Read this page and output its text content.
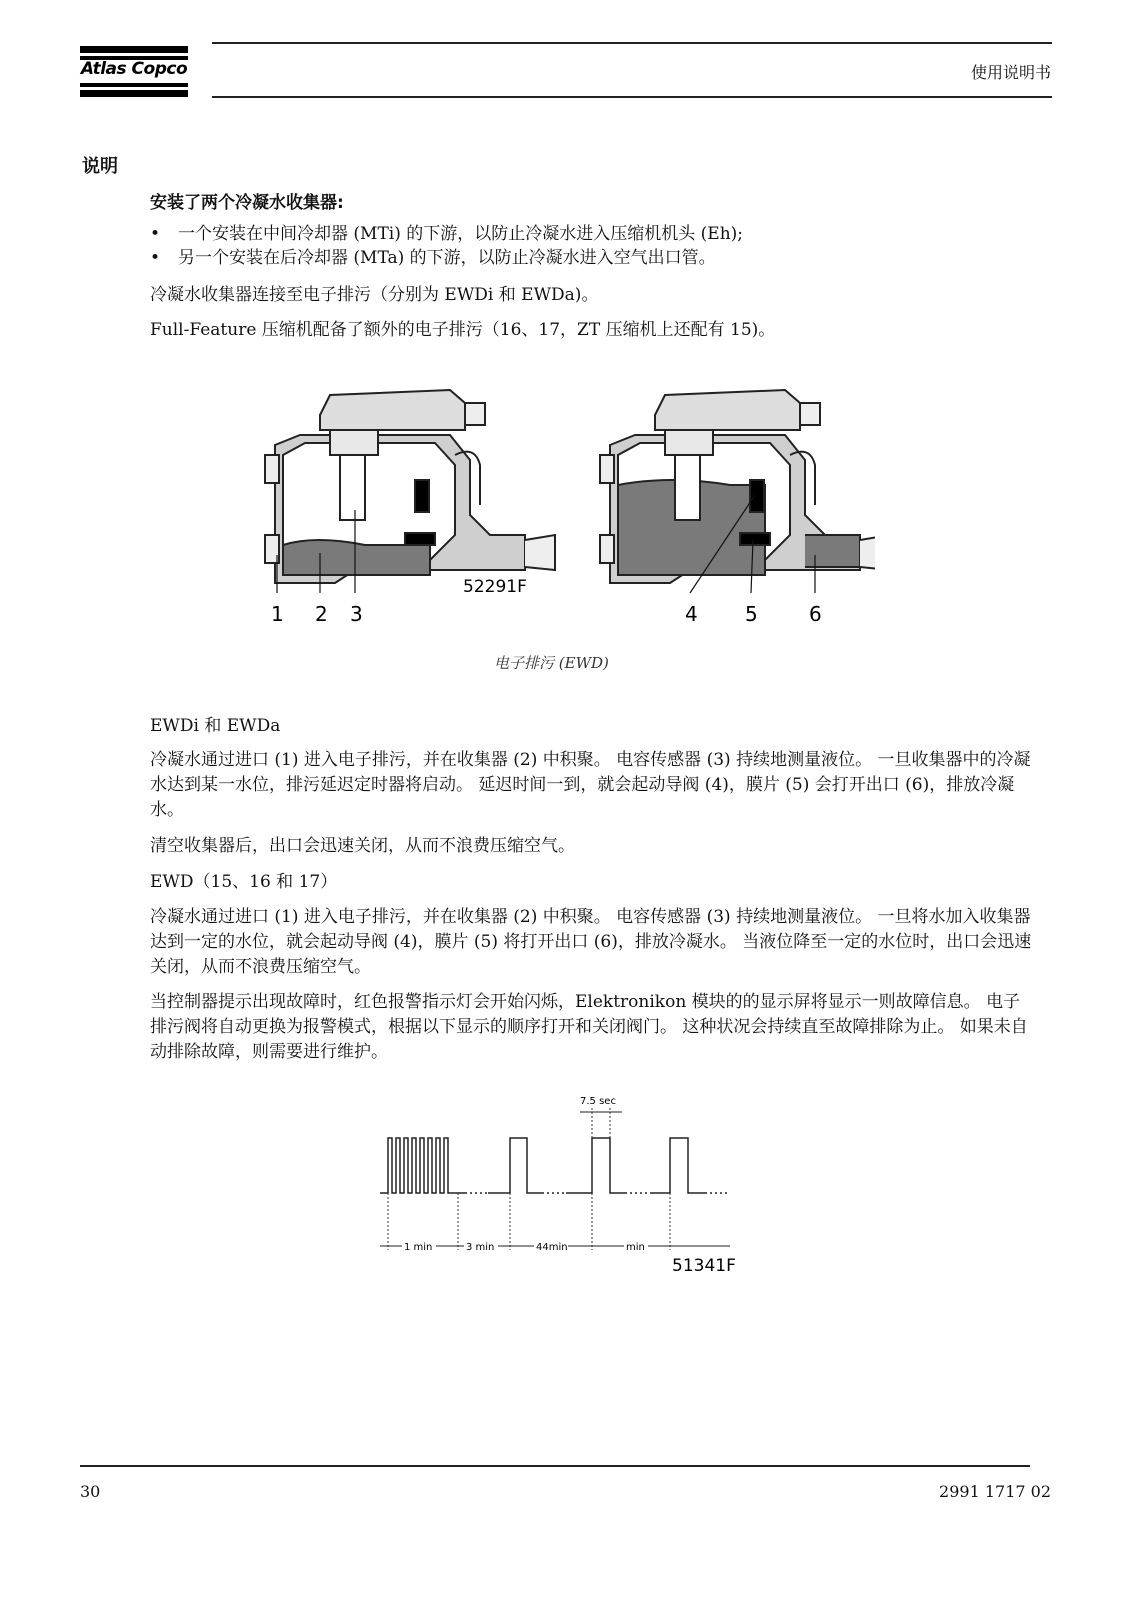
Atlas Copco	使用说明书
说明
安装了两个冷凝水收集器:
• 一个安装在中间冷却器 (MTi) 的下游，以防止冷凝水进入压缩机机头 (Eh);
• 另一个安装在后冷却器 (MTa) 的下游，以防止冷凝水进入空气出口管。
冷凝水收集器连接至电子排污（分别为 EWDi 和 EWDa)。
Full-Feature 压缩机配备了额外的电子排污（16、17，ZT 压缩机上还配有 15)。
52291F
1 2 3	4 5	6
电子排污 (EWD)
EWDi 和 EWDa
冷凝水通过进口 (1) 进入电子排污，并在收集器 (2) 中积聚。 电容传感器 (3) 持续地测量液位。 一旦收集器中的冷凝水达到某一水位，排污延迟定时器将启动。 延迟时间一到，就会起动导阀 (4)，膜片 (5) 会打开出口 (6)，排放冷凝水。
清空收集器后，出口会迅速关闭，从而不浪费压缩空气。
EWD（15、16 和 17）
冷凝水通过进口 (1) 进入电子排污，并在收集器 (2) 中积聚。 电容传感器 (3) 持续地测量液位。 一旦将水加入收集器达到一定的水位，就会起动导阀 (4)，膜片 (5) 将打开出口 (6)，排放冷凝水。 当液位降至一定的水位时，出口会迅速关闭，从而不浪费压缩空气。
当控制器提示出现故障时，红色报警指示灯会开始闪烁，Elektronikon 模块的的显示屏将显示一则故障信息。 电子排污阀将自动更换为报警模式，根据以下显示的顺序打开和关闭阀门。 这种状况会持续直至故障排除为止。 如果未自动排除故障，则需要进行维护。
7.5 sec
1 min	3 min	44min	min
51341F
30	2991 1717 02
